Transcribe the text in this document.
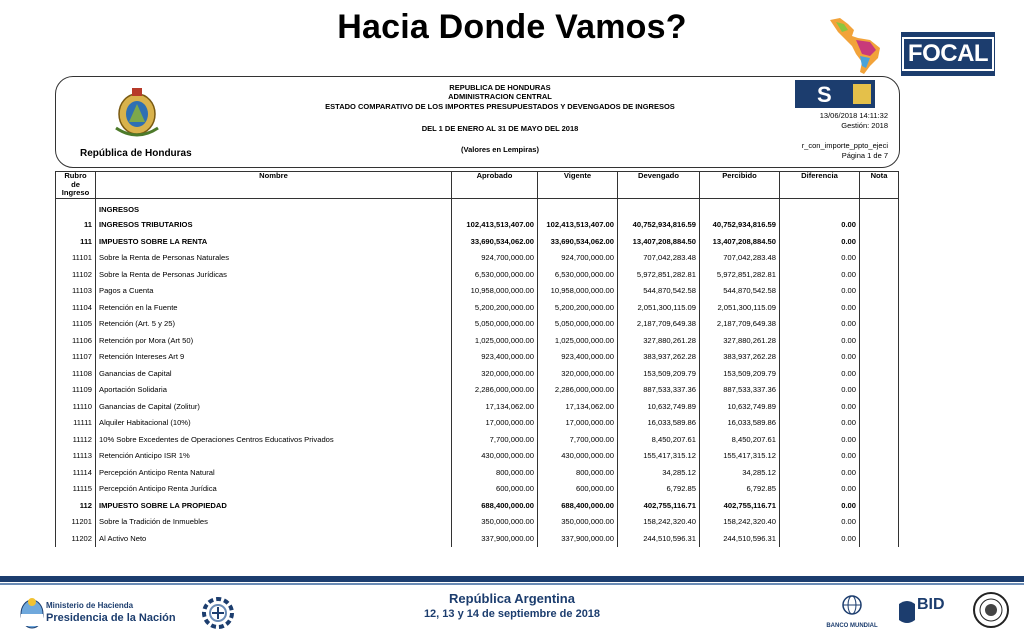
Hacia Donde Vamos?
FOCAL
República de Honduras
REPUBLICA DE HONDURAS
ADMINISTRACION CENTRAL
ESTADO COMPARATIVO DE LOS IMPORTES PRESUPUESTADOS Y DEVENGADOS DE INGRESOS
DEL 1 DE ENERO AL 31 DE MAYO DEL 2018
(Valores en Lempiras)
S
13/06/2018 14:11:32
Gestión: 2018
r_con_importe_ppto_ejeci
Página 1 de 7
Rubro de Ingreso	Nombre	Aprobado	Vigente	Devengado	Percibido	Diferencia	Nota
	INGRESOS						
11	INGRESOS TRIBUTARIOS	102,413,513,407.00	102,413,513,407.00	40,752,934,816.59	40,752,934,816.59	0.00	
111	IMPUESTO SOBRE LA RENTA	33,690,534,062.00	33,690,534,062.00	13,407,208,884.50	13,407,208,884.50	0.00	
11101	Sobre la Renta de Personas Naturales	924,700,000.00	924,700,000.00	707,042,283.48	707,042,283.48	0.00	
11102	Sobre la Renta de Personas Jurídicas	6,530,000,000.00	6,530,000,000.00	5,972,851,282.81	5,972,851,282.81	0.00	
11103	Pagos a Cuenta	10,958,000,000.00	10,958,000,000.00	544,870,542.58	544,870,542.58	0.00	
11104	Retención en la Fuente	5,200,200,000.00	5,200,200,000.00	2,051,300,115.09	2,051,300,115.09	0.00	
11105	Retención (Art. 5 y 25)	5,050,000,000.00	5,050,000,000.00	2,187,709,649.38	2,187,709,649.38	0.00	
11106	Retención por Mora (Art 50)	1,025,000,000.00	1,025,000,000.00	327,880,261.28	327,880,261.28	0.00	
11107	Retención Intereses Art 9	923,400,000.00	923,400,000.00	383,937,262.28	383,937,262.28	0.00	
11108	Ganancias de Capital	320,000,000.00	320,000,000.00	153,509,209.79	153,509,209.79	0.00	
11109	Aportación Solidaria	2,286,000,000.00	2,286,000,000.00	887,533,337.36	887,533,337.36	0.00	
11110	Ganancias de Capital (Zolitur)	17,134,062.00	17,134,062.00	10,632,749.89	10,632,749.89	0.00	
11111	Alquiler Habitacional (10%)	17,000,000.00	17,000,000.00	16,033,589.86	16,033,589.86	0.00	
11112	10% Sobre Excedentes de Operaciones Centros Educativos Privados	7,700,000.00	7,700,000.00	8,450,207.61	8,450,207.61	0.00	
11113	Retención Anticipo ISR 1%	430,000,000.00	430,000,000.00	155,417,315.12	155,417,315.12	0.00	
11114	Percepción Anticipo Renta Natural	800,000.00	800,000.00	34,285.12	34,285.12	0.00	
11115	Percepción Anticipo Renta Jurídica	600,000.00	600,000.00	6,792.85	6,792.85	0.00	
112	IMPUESTO SOBRE LA PROPIEDAD	688,400,000.00	688,400,000.00	402,755,116.71	402,755,116.71	0.00	
11201	Sobre la Tradición de Inmuebles	350,000,000.00	350,000,000.00	158,242,320.40	158,242,320.40	0.00	
11202	Al Activo Neto	337,900,000.00	337,900,000.00	244,510,596.31	244,510,596.31	0.00	
Ministerio de Hacienda
Presidencia de la Nación
República Argentina
12, 13 y 14 de septiembre de 2018
BANCO MUNDIAL
BID
